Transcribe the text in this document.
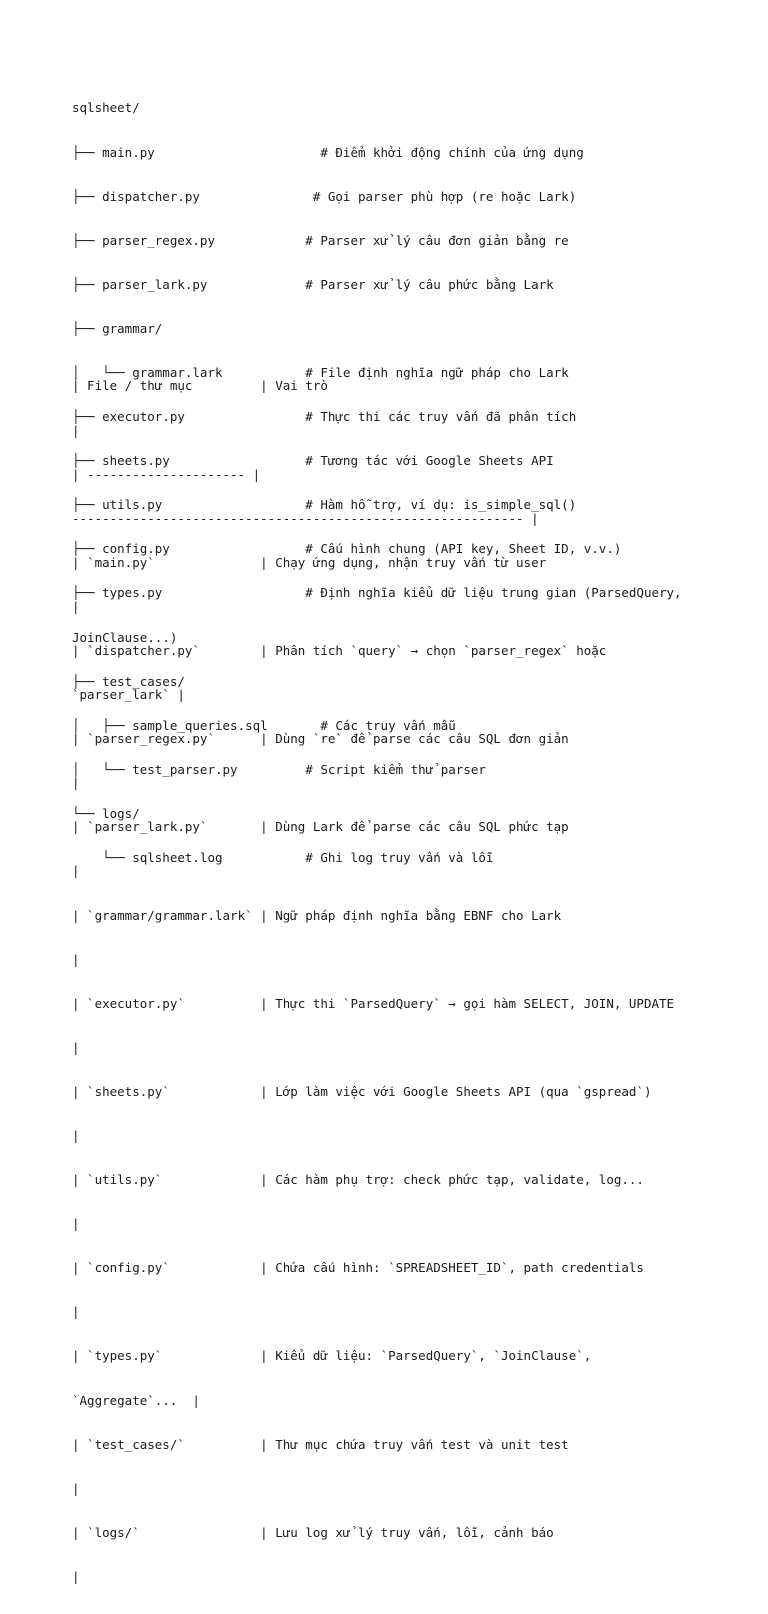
sqlsheet/

├── main.py                      # Điểm khởi động chính của ứng dụng

├── dispatcher.py               # Gọi parser phù hợp (re hoặc Lark)

├── parser_regex.py            # Parser xử lý câu đơn giản bằng re

├── parser_lark.py             # Parser xử lý câu phức bằng Lark

├── grammar/

│   └── grammar.lark           # File định nghĩa ngữ pháp cho Lark

├── executor.py                # Thực thi các truy vấn đã phân tích

├── sheets.py                  # Tương tác với Google Sheets API

├── utils.py                   # Hàm hỗ trợ, ví dụ: is_simple_sql()

├── config.py                  # Cấu hình chung (API key, Sheet ID, v.v.)

├── types.py                   # Định nghĩa kiểu dữ liệu trung gian (ParsedQuery,

JoinClause...)

├── test_cases/

│   ├── sample_queries.sql       # Các truy vấn mẫu

│   └── test_parser.py         # Script kiểm thử parser

└── logs/

└── sqlsheet.log           # Ghi log truy vấn và lỗi

| File / thư mục         | Vai trò

|

| --------------------- |

------------------------------------------------------------ |

| `main.py`              | Chạy ứng dụng, nhận truy vấn từ user

|

| `dispatcher.py`        | Phân tích `query` → chọn `parser_regex` hoặc

`parser_lark` |

| `parser_regex.py`      | Dùng `re` để parse các câu SQL đơn giản

|

| `parser_lark.py`       | Dùng Lark để parse các câu SQL phức tạp

|

| `grammar/grammar.lark` | Ngữ pháp định nghĩa bằng EBNF cho Lark

|

| `executor.py`          | Thực thi `ParsedQuery` → gọi hàm SELECT, JOIN, UPDATE

|

| `sheets.py`            | Lớp làm việc với Google Sheets API (qua `gspread`)

|

| `utils.py`             | Các hàm phụ trợ: check phức tạp, validate, log...

|

| `config.py`            | Chứa cấu hình: `SPREADSHEET_ID`, path credentials

|

| `types.py`             | Kiểu dữ liệu: `ParsedQuery`, `JoinClause`,

`Aggregate`...  |

| `test_cases/`          | Thư mục chứa truy vấn test và unit test

|

| `logs/`                | Lưu log xử lý truy vấn, lỗi, cảnh báo

|
